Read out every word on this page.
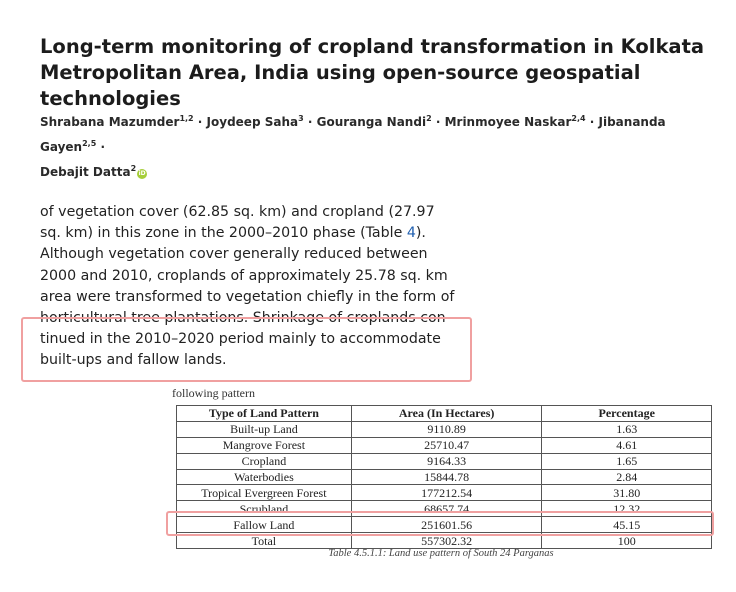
Long-term monitoring of cropland transformation in Kolkata Metropolitan Area, India using open-source geospatial technologies
Shrabana Mazumder$^{1,2}$ · Joydeep Saha$^3$ · Gouranga Nandi$^2$ · Mrinmoyee Naskar$^{2,4}$ · Jibananda Gayen$^{2,5}$ ·
Debajit Datta$^2$iD

of vegetation cover (62.85 sq. km) and cropland (27.97
sq. km) in this zone in the 2000–2010 phase (Table 4).
Although vegetation cover generally reduced between
2000 and 2010, croplands of approximately 25.78 sq. km
area were transformed to vegetation chiefly in the form of
horticultural tree plantations. Shrinkage of croplands con-
tinued in the 2010–2020 period mainly to accommodate
built-ups and fallow lands.

following pattern
Type of Land Pattern	Area (In Hectares)	Percentage
Built-up Land	9110.89	1.63
Mangrove Forest	25710.47	4.61
Cropland	9164.33	1.65
Waterbodies	15844.78	2.84
Tropical Evergreen Forest	177212.54	31.80
Scrubland	68657.74	12.32
Fallow Land	251601.56	45.15
Total	557302.32	100
Table 4.5.1.1: Land use pattern of South 24 Parganas
